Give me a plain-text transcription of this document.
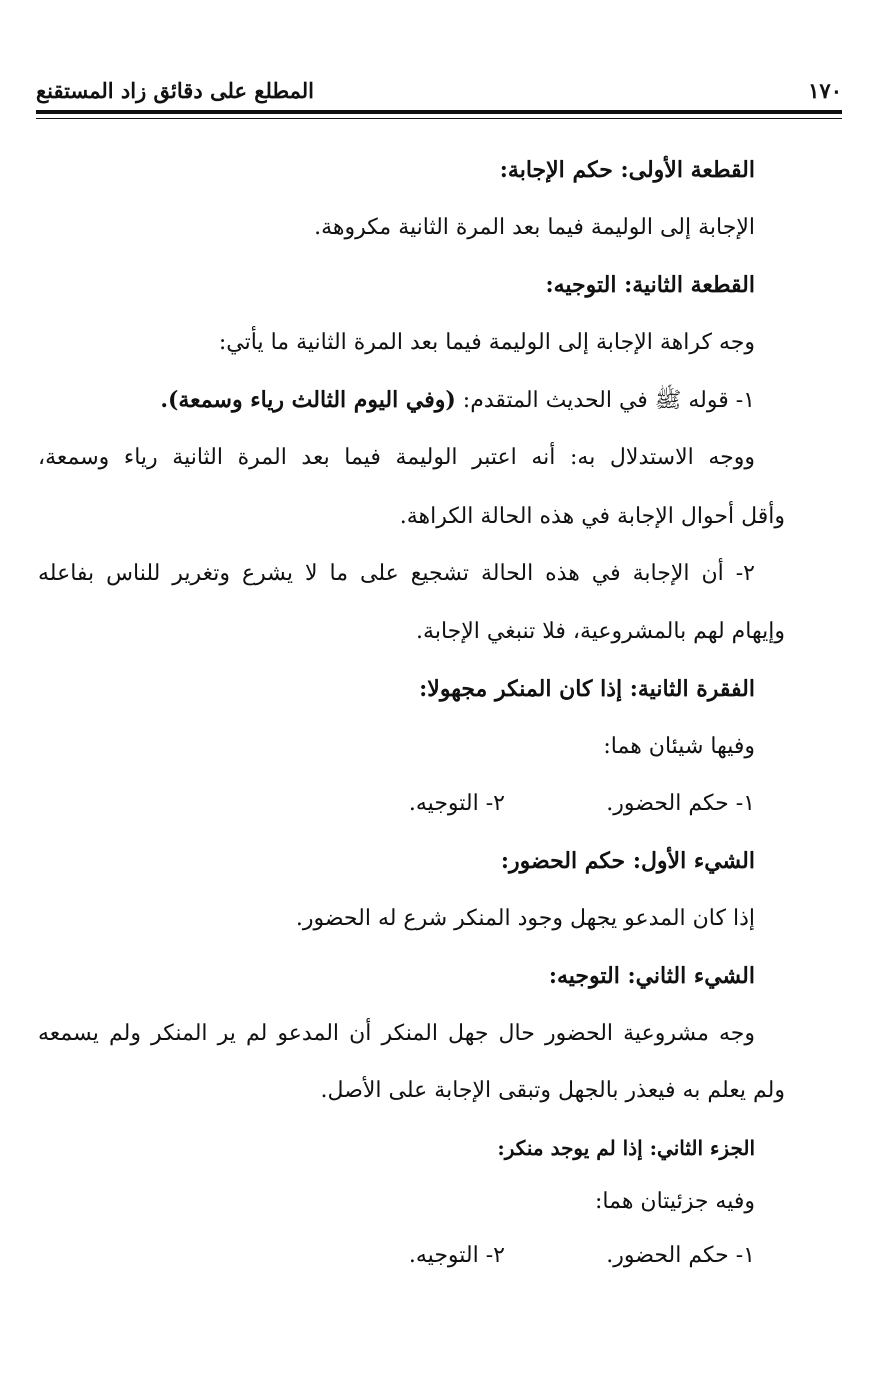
المطلع على دقائق زاد المستقنع	١٧٠
القطعة الأولى: حكم الإجابة:
الإجابة إلى الوليمة فيما بعد المرة الثانية مكروهة.
القطعة الثانية: التوجيه:
وجه كراهة الإجابة إلى الوليمة فيما بعد المرة الثانية ما يأتي:
١- قوله ﷺ في الحديث المتقدم: (وفي اليوم الثالث رياء وسمعة).
ووجه الاستدلال به: أنه اعتبر الوليمة فيما بعد المرة الثانية رياء وسمعة،
وأقل أحوال الإجابة في هذه الحالة الكراهة.
٢- أن الإجابة في هذه الحالة تشجيع على ما لا يشرع وتغرير للناس بفاعله
وإيهام لهم بالمشروعية، فلا تنبغي الإجابة.
الفقرة الثانية: إذا كان المنكر مجهولا:
وفيها شيئان هما:
١- حكم الحضور.
٢- التوجيه.
الشيء الأول: حكم الحضور:
إذا كان المدعو يجهل وجود المنكر شرع له الحضور.
الشيء الثاني: التوجيه:
وجه مشروعية الحضور حال جهل المنكر أن المدعو لم ير المنكر ولم يسمعه
ولم يعلم به فيعذر بالجهل وتبقى الإجابة على الأصل.
الجزء الثاني: إذا لم يوجد منكر:
وفيه جزئيتان هما:
١- حكم الحضور.
٢- التوجيه.
